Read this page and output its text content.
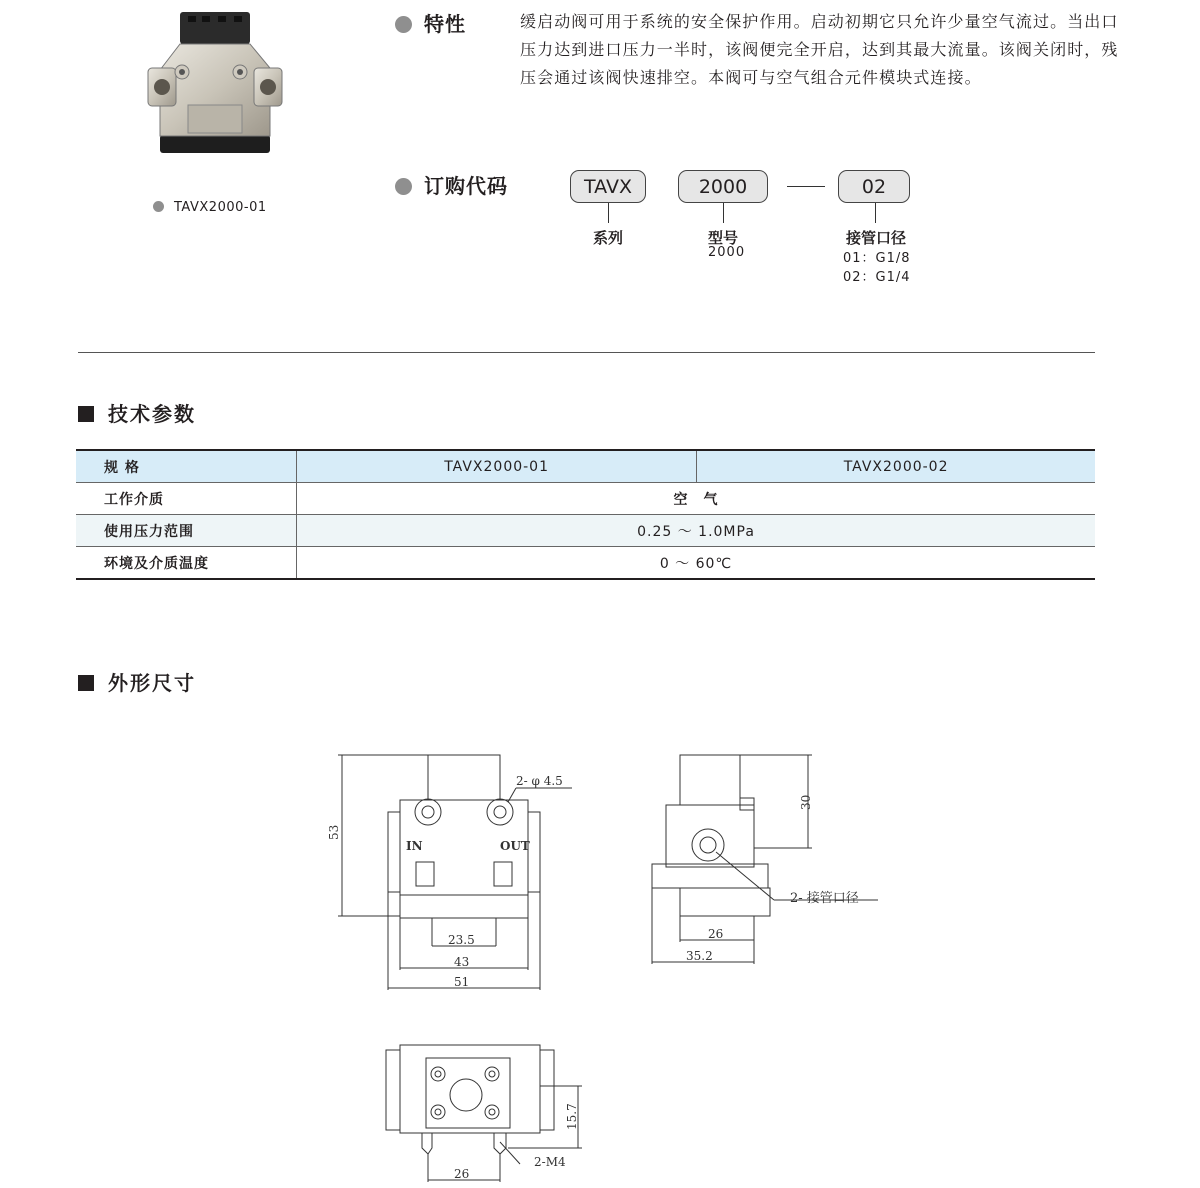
TAVX2000-01
特性	缓启动阀可用于系统的安全保护作用。启动初期它只允许少量空气流过。当出口压力达到进口压力一半时，该阀便完全开启，达到其最大流量。该阀关闭时，残压会通过该阀快速排空。本阀可与空气组合元件模块式连接。
订购代码	TAVX
系列
2000
型号
2000
02
接管口径
01：G1/8
02：G1/4
技术参数
规 格	TAVX2000-01	TAVX2000-02
工作介质	空　气	
使用压力范围	0.25 ～ 1.0MPa	
环境及介质温度	0 ～ 60℃	
外形尺寸
53
23.5
43
51
2- φ 4.5
IN	OUT
30
2- 接管口径
26
35.2
15.7
2-M4
26
